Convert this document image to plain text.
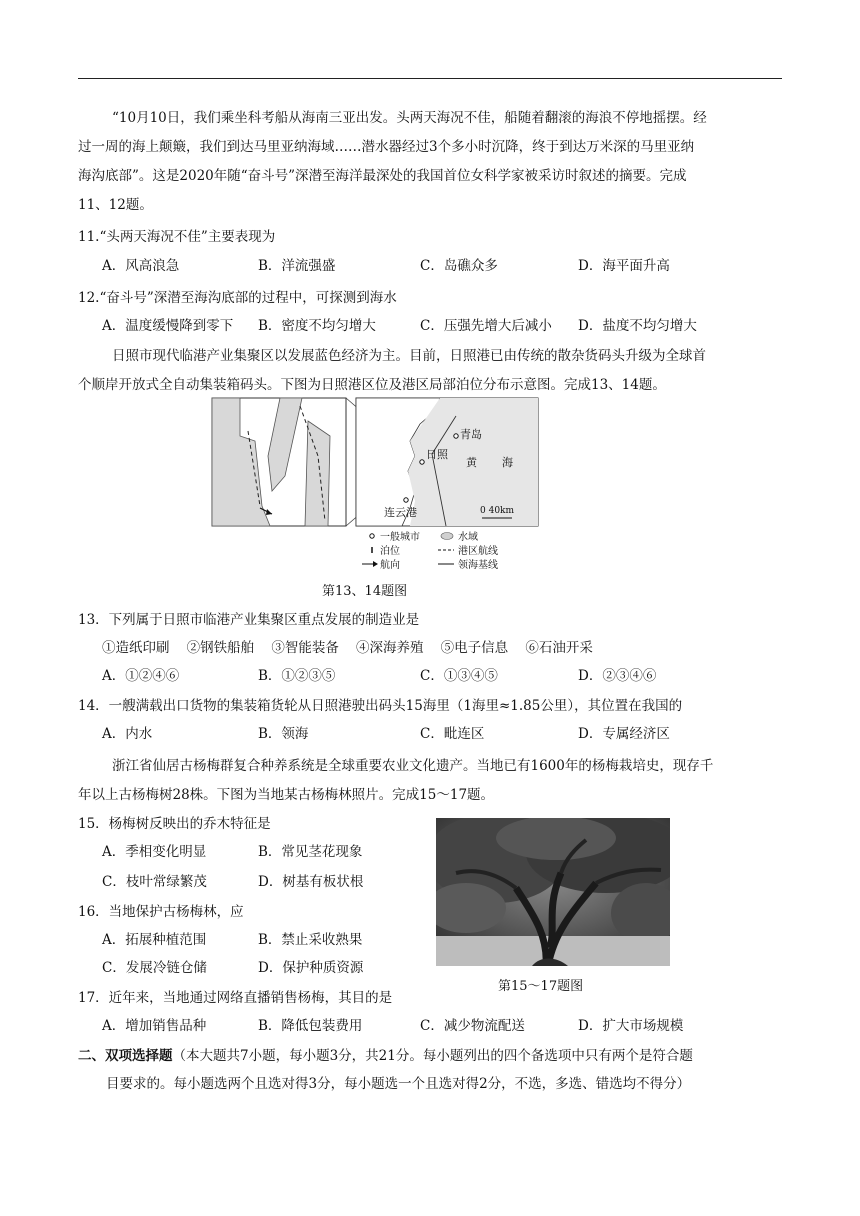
“10月10日，我们乘坐科考船从海南三亚出发。头两天海况不佳，船随着翻滚的海浪不停地摇摆。经
过一周的海上颠簸，我们到达马里亚纳海域……潜水器经过3个多小时沉降，终于到达万米深的马里亚纳
海沟底部”。这是2020年随“奋斗号”深潜至海洋最深处的我国首位女科学家被采访时叙述的摘要。完成
11、12题。
11.“头两天海况不佳”主要表现为
A．风高浪急	B．洋流强盛	C．岛礁众多	D．海平面升高
12.“奋斗号”深潜至海沟底部的过程中，可探测到海水
A．温度缓慢降到零下 B．密度不均匀增大	C．压强先增大后减小 D．盐度不均匀增大
日照市现代临港产业集聚区以发展蓝色经济为主。目前，日照港已由传统的散杂货码头升级为全球首
个顺岸开放式全自动集装箱码头。下图为日照港区位及港区局部泊位分布示意图。完成13、14题。
青岛
日照
黄 海
连云港	0 40km
一般城市	水域
泊位	港区航线
航向	领海基线
第13、14题图
13．下列属于日照市临港产业集聚区重点发展的制造业是
①造纸印刷    ②钢铁船舶    ③智能装备    ④深海养殖    ⑤电子信息    ⑥石油开采
A．①②④⑥	B．①②③⑤	C．①③④⑤	D．②③④⑥
14．一艘满载出口货物的集装箱货轮从日照港驶出码头15海里（1海里≈1.85公里），其位置在我国的
A．内水	B．领海	C．毗连区	D．专属经济区
浙江省仙居古杨梅群复合种养系统是全球重要农业文化遗产。当地已有1600年的杨梅栽培史，现存千
年以上古杨梅树28株。下图为当地某古杨梅林照片。完成15～17题。
15．杨梅树反映出的乔木特征是
A．季相变化明显	B．常见茎花现象
C．枝叶常绿繁茂	D．树基有板状根
16．当地保护古杨梅林，应
A．拓展种植范围	B．禁止采收熟果
C．发展冷链仓储	D．保护种质资源
第15～17题图
17．近年来，当地通过网络直播销售杨梅，其目的是
A．增加销售品种	B．降低包装费用	C．减少物流配送	D．扩大市场规模
二、双项选择题（本大题共7小题，每小题3分，共21分。每小题列出的四个备选项中只有两个是符合题
目要求的。每小题选两个且选对得3分，每小题选一个且选对得2分，不选，多选、错选均不得分）
